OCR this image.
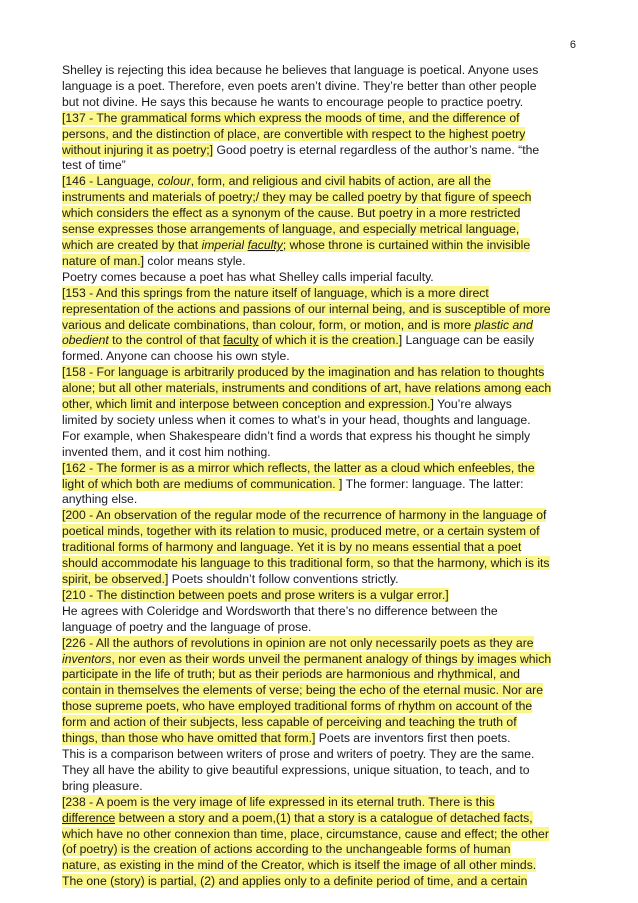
6
Shelley is rejecting this idea because he believes that language is poetical. Anyone uses
language is a poet. Therefore, even poets aren’t divine. They’re better than other people
but not divine. He says this because he wants to encourage people to practice poetry.
[137 - The grammatical forms which express the moods of time, and the difference of
persons, and the distinction of place, are convertible with respect to the highest poetry
without injuring it as poetry;] Good poetry is eternal regardless of the author’s name. “the
test of time”
[146 - Language, colour, form, and religious and civil habits of action, are all the
instruments and materials of poetry;/ they may be called poetry by that figure of speech
which considers the effect as a synonym of the cause. But poetry in a more restricted
sense expresses those arrangements of language, and especially metrical language,
which are created by that imperial faculty; whose throne is curtained within the invisible
nature of man.] color means style.
Poetry comes because a poet has what Shelley calls imperial faculty.
[153 - And this springs from the nature itself of language, which is a more direct
representation of the actions and passions of our internal being, and is susceptible of more
various and delicate combinations, than colour, form, or motion, and is more plastic and
obedient to the control of that faculty of which it is the creation.] Language can be easily
formed. Anyone can choose his own style.
[158 - For language is arbitrarily produced by the imagination and has relation to thoughts
alone; but all other materials, instruments and conditions of art, have relations among each
other, which limit and interpose between conception and expression.] You’re always
limited by society unless when it comes to what’s in your head, thoughts and language.
For example, when Shakespeare didn’t find a words that express his thought he simply
invented them, and it cost him nothing.
[162 - The former is as a mirror which reflects, the latter as a cloud which enfeebles, the
light of which both are mediums of communication. ] The former: language. The latter:
anything else.
[200 - An observation of the regular mode of the recurrence of harmony in the language of
poetical minds, together with its relation to music, produced metre, or a certain system of
traditional forms of harmony and language. Yet it is by no means essential that a poet
should accommodate his language to this traditional form, so that the harmony, which is its
spirit, be observed.] Poets shouldn’t follow conventions strictly.
[210 - The distinction between poets and prose writers is a vulgar error.]
He agrees with Coleridge and Wordsworth that there’s no difference between the
language of poetry and the language of prose.
[226 - All the authors of revolutions in opinion are not only necessarily poets as they are
inventors, nor even as their words unveil the permanent analogy of things by images which
participate in the life of truth; but as their periods are harmonious and rhythmical, and
contain in themselves the elements of verse; being the echo of the eternal music. Nor are
those supreme poets, who have employed traditional forms of rhythm on account of the
form and action of their subjects, less capable of perceiving and teaching the truth of
things, than those who have omitted that form.] Poets are inventors first then poets.
This is a comparison between writers of prose and writers of poetry. They are the same.
They all have the ability to give beautiful expressions, unique situation, to teach, and to
bring pleasure.
[238 - A poem is the very image of life expressed in its eternal truth. There is this
difference between a story and a poem,(1) that a story is a catalogue of detached facts,
which have no other connexion than time, place, circumstance, cause and effect; the other
(of poetry) is the creation of actions according to the unchangeable forms of human
nature, as existing in the mind of the Creator, which is itself the image of all other minds.
The one (story) is partial, (2) and applies only to a definite period of time, and a certain
